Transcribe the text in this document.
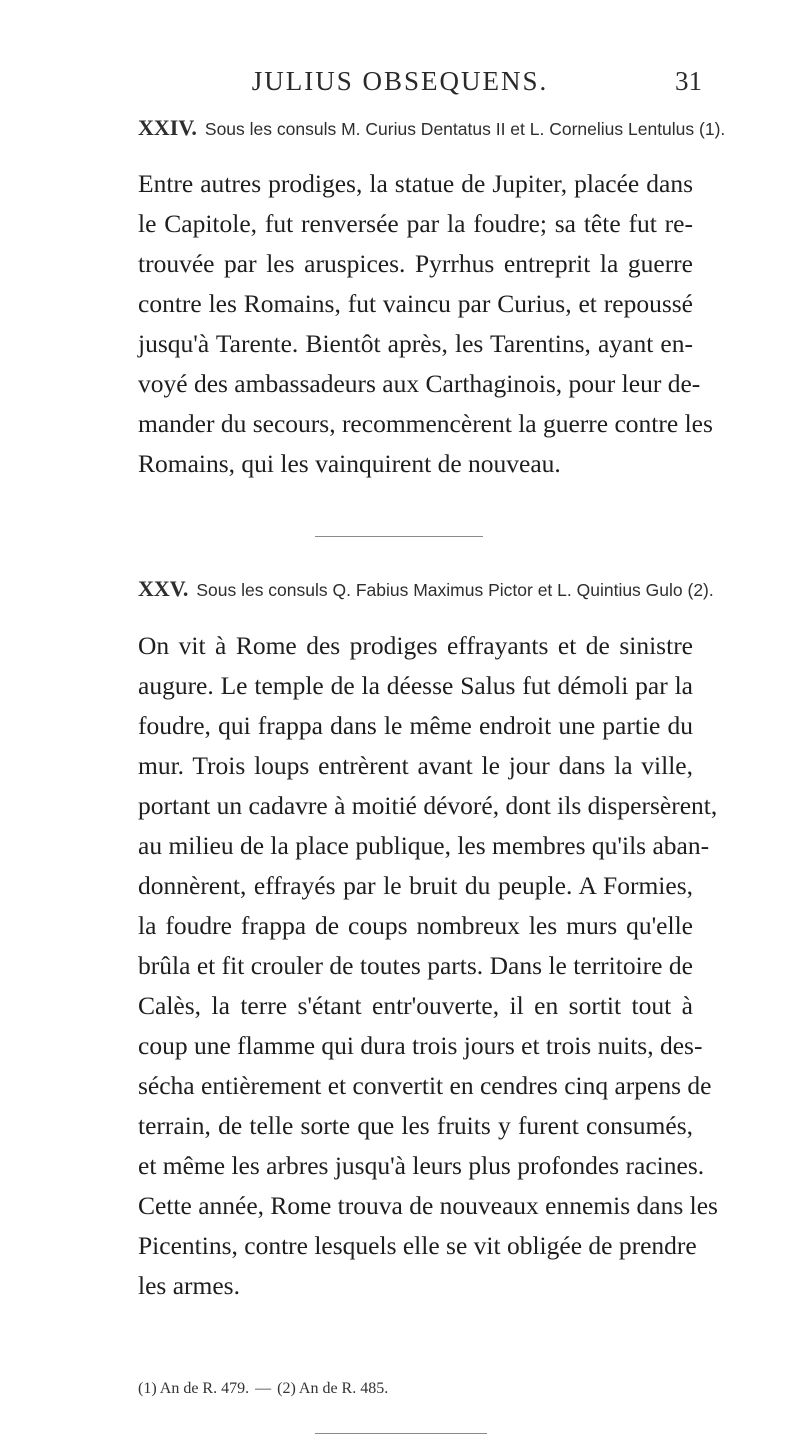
JULIUS OBSEQUENS.	31
XXIV. Sous les consuls M. Curius Dentatus II et L. Cornelius Lentulus (1).
Entre autres prodiges, la statue de Jupiter, placée dans
le Capitole, fut renversée par la foudre; sa tête fut re-
trouvée par les aruspices. Pyrrhus entreprit la guerre
contre les Romains, fut vaincu par Curius, et repoussé
jusqu'à Tarente. Bientôt après, les Tarentins, ayant en-
voyé des ambassadeurs aux Carthaginois, pour leur de-
mander du secours, recommencèrent la guerre contre les
Romains, qui les vainquirent de nouveau.
XXV. Sous les consuls Q. Fabius Maximus Pictor et L. Quintius Gulo (2).
On vit à Rome des prodiges effrayants et de sinistre
augure. Le temple de la déesse Salus fut démoli par la
foudre, qui frappa dans le même endroit une partie du
mur. Trois loups entrèrent avant le jour dans la ville,
portant un cadavre à moitié dévoré, dont ils dispersèrent,
au milieu de la place publique, les membres qu'ils aban-
donnèrent, effrayés par le bruit du peuple. A Formies,
la foudre frappa de coups nombreux les murs qu'elle
brûla et fit crouler de toutes parts. Dans le territoire de
Calès, la terre s'étant entr'ouverte, il en sortit tout à
coup une flamme qui dura trois jours et trois nuits, des-
sécha entièrement et convertit en cendres cinq arpens de
terrain, de telle sorte que les fruits y furent consumés,
et même les arbres jusqu'à leurs plus profondes racines.
Cette année, Rome trouva de nouveaux ennemis dans les
Picentins, contre lesquels elle se vit obligée de prendre
les armes.
(1) An de R. 479. — (2) An de R. 485.
